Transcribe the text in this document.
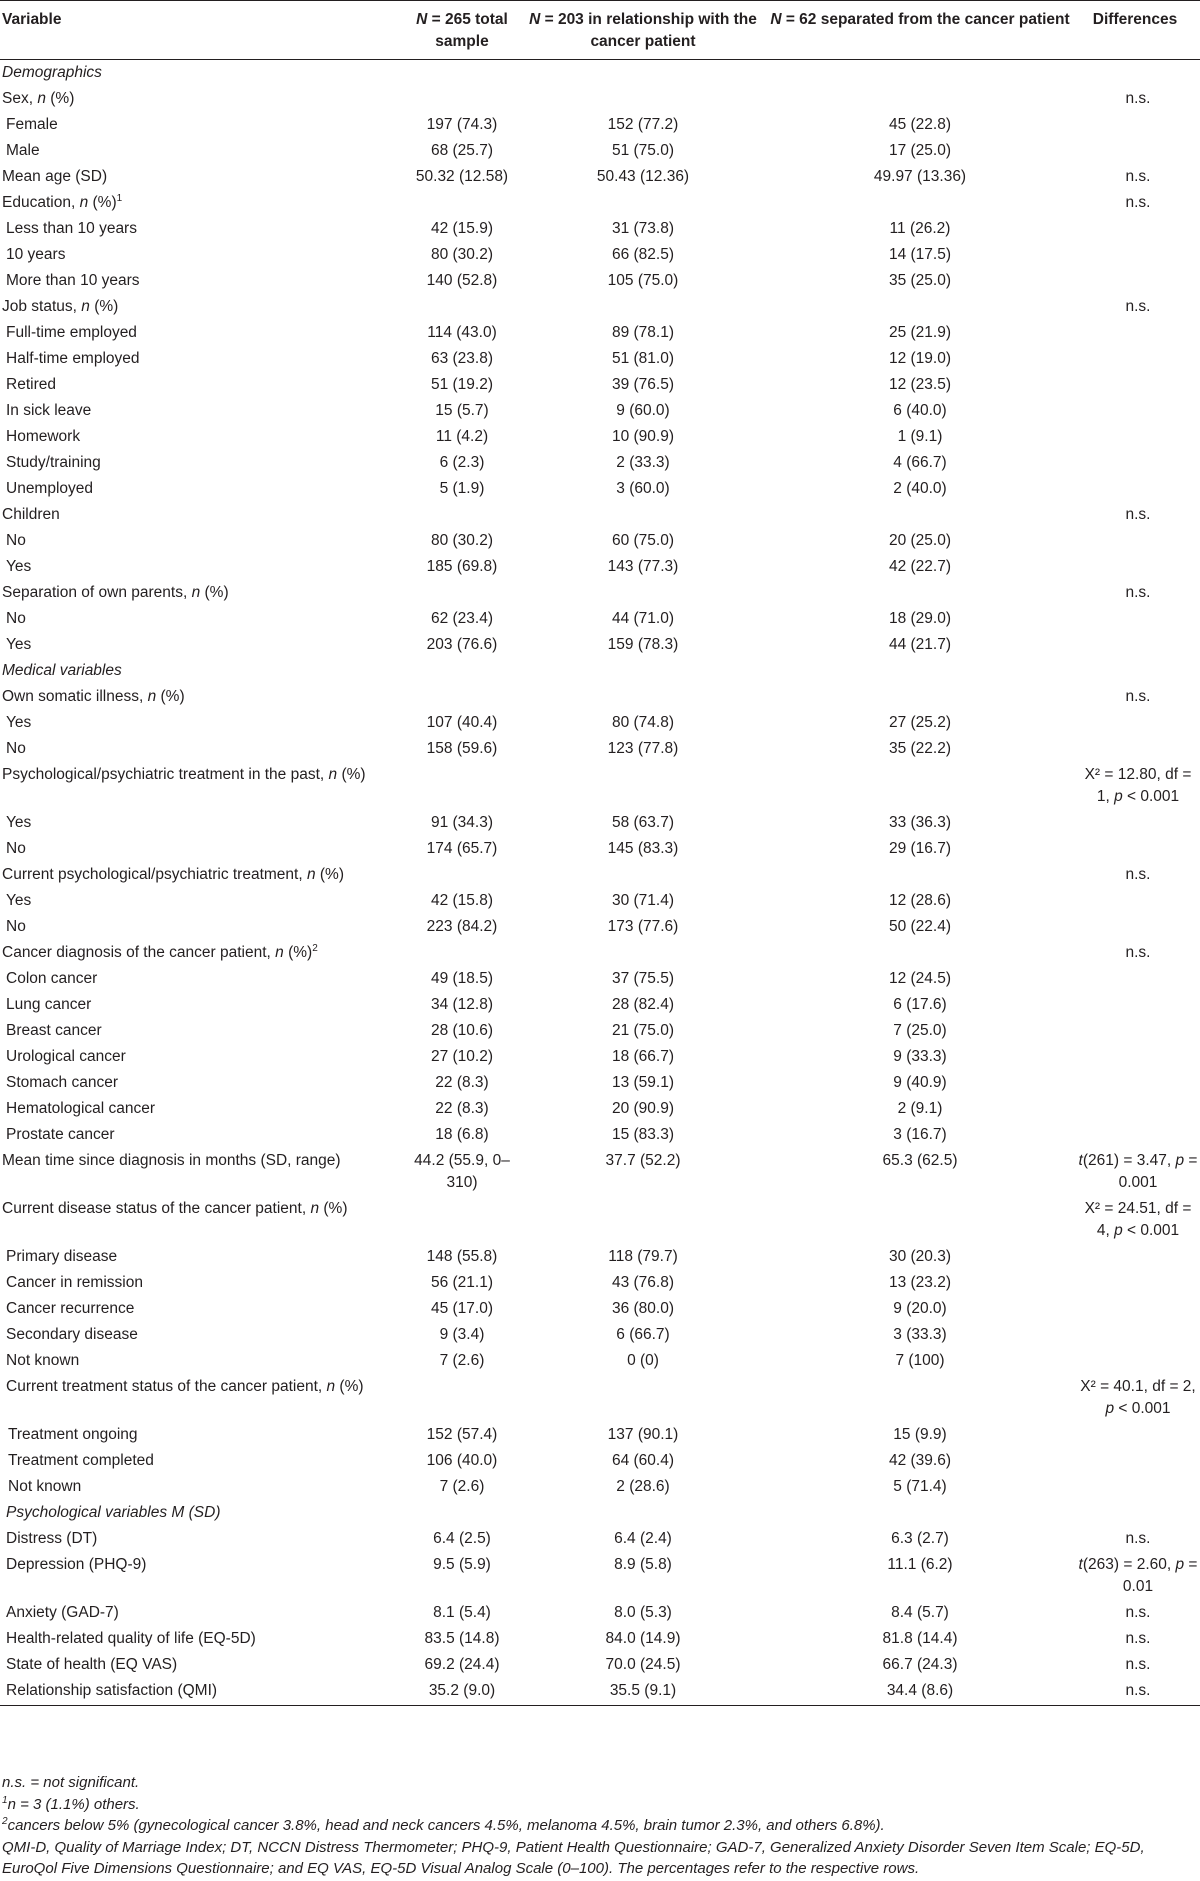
Variable	N = 265 total sample	N = 203 in relationship with the cancer patient	N = 62 separated from the cancer patient	Differences
Demographics				
Sex, n (%)				n.s.
Female	197 (74.3)	152 (77.2)	45 (22.8)	
Male	68 (25.7)	51 (75.0)	17 (25.0)	
Mean age (SD)	50.32 (12.58)	50.43 (12.36)	49.97 (13.36)	n.s.
Education, n (%)$^1$				n.s.
Less than 10 years	42 (15.9)	31 (73.8)	11 (26.2)	
10 years	80 (30.2)	66 (82.5)	14 (17.5)	
More than 10 years	140 (52.8)	105 (75.0)	35 (25.0)	
Job status, n (%)				n.s.
Full-time employed	114 (43.0)	89 (78.1)	25 (21.9)	
Half-time employed	63 (23.8)	51 (81.0)	12 (19.0)	
Retired	51 (19.2)	39 (76.5)	12 (23.5)	
In sick leave	15 (5.7)	9 (60.0)	6 (40.0)	
Homework	11 (4.2)	10 (90.9)	1 (9.1)	
Study/training	6 (2.3)	2 (33.3)	4 (66.7)	
Unemployed	5 (1.9)	3 (60.0)	2 (40.0)	
Children				n.s.
No	80 (30.2)	60 (75.0)	20 (25.0)	
Yes	185 (69.8)	143 (77.3)	42 (22.7)	
Separation of own parents, n (%)				n.s.
No	62 (23.4)	44 (71.0)	18 (29.0)	
Yes	203 (76.6)	159 (78.3)	44 (21.7)	
Medical variables				
Own somatic illness, n (%)				n.s.
Yes	107 (40.4)	80 (74.8)	27 (25.2)	
No	158 (59.6)	123 (77.8)	35 (22.2)	
Psychological/psychiatric treatment in the past, n (%)				X² = 12.80, df = 1, p < 0.001
Yes	91 (34.3)	58 (63.7)	33 (36.3)	
No	174 (65.7)	145 (83.3)	29 (16.7)	
Current psychological/psychiatric treatment, n (%)				n.s.
Yes	42 (15.8)	30 (71.4)	12 (28.6)	
No	223 (84.2)	173 (77.6)	50 (22.4)	
Cancer diagnosis of the cancer patient, n (%)$^2$				n.s.
Colon cancer	49 (18.5)	37 (75.5)	12 (24.5)	
Lung cancer	34 (12.8)	28 (82.4)	6 (17.6)	
Breast cancer	28 (10.6)	21 (75.0)	7 (25.0)	
Urological cancer	27 (10.2)	18 (66.7)	9 (33.3)	
Stomach cancer	22 (8.3)	13 (59.1)	9 (40.9)	
Hematological cancer	22 (8.3)	20 (90.9)	2 (9.1)	
Prostate cancer	18 (6.8)	15 (83.3)	3 (16.7)	
Mean time since diagnosis in months (SD, range)	44.2 (55.9, 0–310)	37.7 (52.2)	65.3 (62.5)	t(261) = 3.47, p = 0.001
Current disease status of the cancer patient, n (%)				X² = 24.51, df = 4, p < 0.001
Primary disease	148 (55.8)	118 (79.7)	30 (20.3)	
Cancer in remission	56 (21.1)	43 (76.8)	13 (23.2)	
Cancer recurrence	45 (17.0)	36 (80.0)	9 (20.0)	
Secondary disease	9 (3.4)	6 (66.7)	3 (33.3)	
Not known	7 (2.6)	0 (0)	7 (100)	
Current treatment status of the cancer patient, n (%)				X² = 40.1, df = 2, p < 0.001
Treatment ongoing	152 (57.4)	137 (90.1)	15 (9.9)	
Treatment completed	106 (40.0)	64 (60.4)	42 (39.6)	
Not known	7 (2.6)	2 (28.6)	5 (71.4)	
Psychological variables M (SD)				
Distress (DT)	6.4 (2.5)	6.4 (2.4)	6.3 (2.7)	n.s.
Depression (PHQ-9)	9.5 (5.9)	8.9 (5.8)	11.1 (6.2)	t(263) = 2.60, p = 0.01
Anxiety (GAD-7)	8.1 (5.4)	8.0 (5.3)	8.4 (5.7)	n.s.
Health-related quality of life (EQ-5D)	83.5 (14.8)	84.0 (14.9)	81.8 (14.4)	n.s.
State of health (EQ VAS)	69.2 (24.4)	70.0 (24.5)	66.7 (24.3)	n.s.
Relationship satisfaction (QMI)	35.2 (9.0)	35.5 (9.1)	34.4 (8.6)	n.s.
n.s. = not significant.
$^1$n = 3 (1.1%) others.
$^2$cancers below 5% (gynecological cancer 3.8%, head and neck cancers 4.5%, melanoma 4.5%, brain tumor 2.3%, and others 6.8%).
QMI-D, Quality of Marriage Index; DT, NCCN Distress Thermometer; PHQ-9, Patient Health Questionnaire; GAD-7, Generalized Anxiety Disorder Seven Item Scale; EQ-5D, EuroQol Five Dimensions Questionnaire; and EQ VAS, EQ-5D Visual Analog Scale (0–100). The percentages refer to the respective rows.
